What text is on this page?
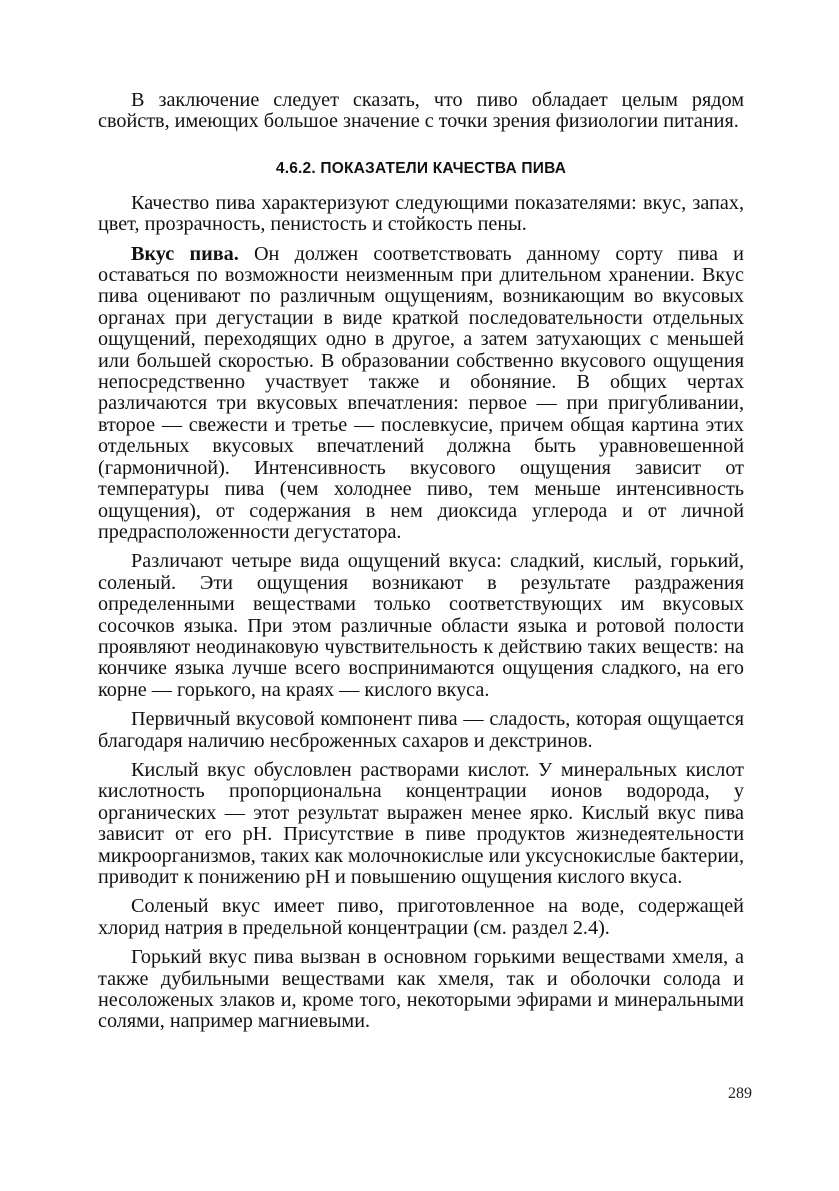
В заключение следует сказать, что пиво обладает целым рядом свойств, имеющих большое значение с точки зрения физиологии питания.

4.6.2. ПОКАЗАТЕЛИ КАЧЕСТВА ПИВА

Качество пива характеризуют следующими показателями: вкус, запах, цвет, прозрачность, пенистость и стойкость пены.

Вкус пива. Он должен соответствовать данному сорту пива и оставаться по возможности неизменным при длительном хранении. Вкус пива оценивают по различным ощущениям, возникающим во вкусовых органах при дегустации в виде краткой последовательности отдельных ощущений, переходящих одно в другое, а затем затухающих с меньшей или большей скоростью. В образовании собственно вкусового ощущения непосредственно участвует также и обоняние. В общих чертах различаются три вкусовых впечатления: первое — при пригубливании, второе — свежести и третье — послевкусие, причем общая картина этих отдельных вкусовых впечатлений должна быть уравновешенной (гармоничной). Интенсивность вкусового ощущения зависит от температуры пива (чем холоднее пиво, тем меньше интенсивность ощущения), от содержания в нем диоксида углерода и от личной предрасположенности дегустатора.

Различают четыре вида ощущений вкуса: сладкий, кислый, горький, соленый. Эти ощущения возникают в результате раздражения определенными веществами только соответствующих им вкусовых сосочков языка. При этом различные области языка и ротовой полости проявляют неодинаковую чувствительность к действию таких веществ: на кончике языка лучше всего воспринимаются ощущения сладкого, на его корне — горького, на краях — кислого вкуса.

Первичный вкусовой компонент пива — сладость, которая ощущается благодаря наличию несброженных сахаров и декстринов.

Кислый вкус обусловлен растворами кислот. У минеральных кислот кислотность пропорциональна концентрации ионов водорода, у органических — этот результат выражен менее ярко. Кислый вкус пива зависит от его pH. Присутствие в пиве продуктов жизнедеятельности микроорганизмов, таких как молочнокислые или уксуснокислые бактерии, приводит к понижению pH и повышению ощущения кислого вкуса.

Соленый вкус имеет пиво, приготовленное на воде, содержащей хлорид натрия в предельной концентрации (см. раздел 2.4).

Горький вкус пива вызван в основном горькими веществами хмеля, а также дубильными веществами как хмеля, так и оболочки солода и несоложеных злаков и, кроме того, некоторыми эфирами и минеральными солями, например магниевыми.

289
